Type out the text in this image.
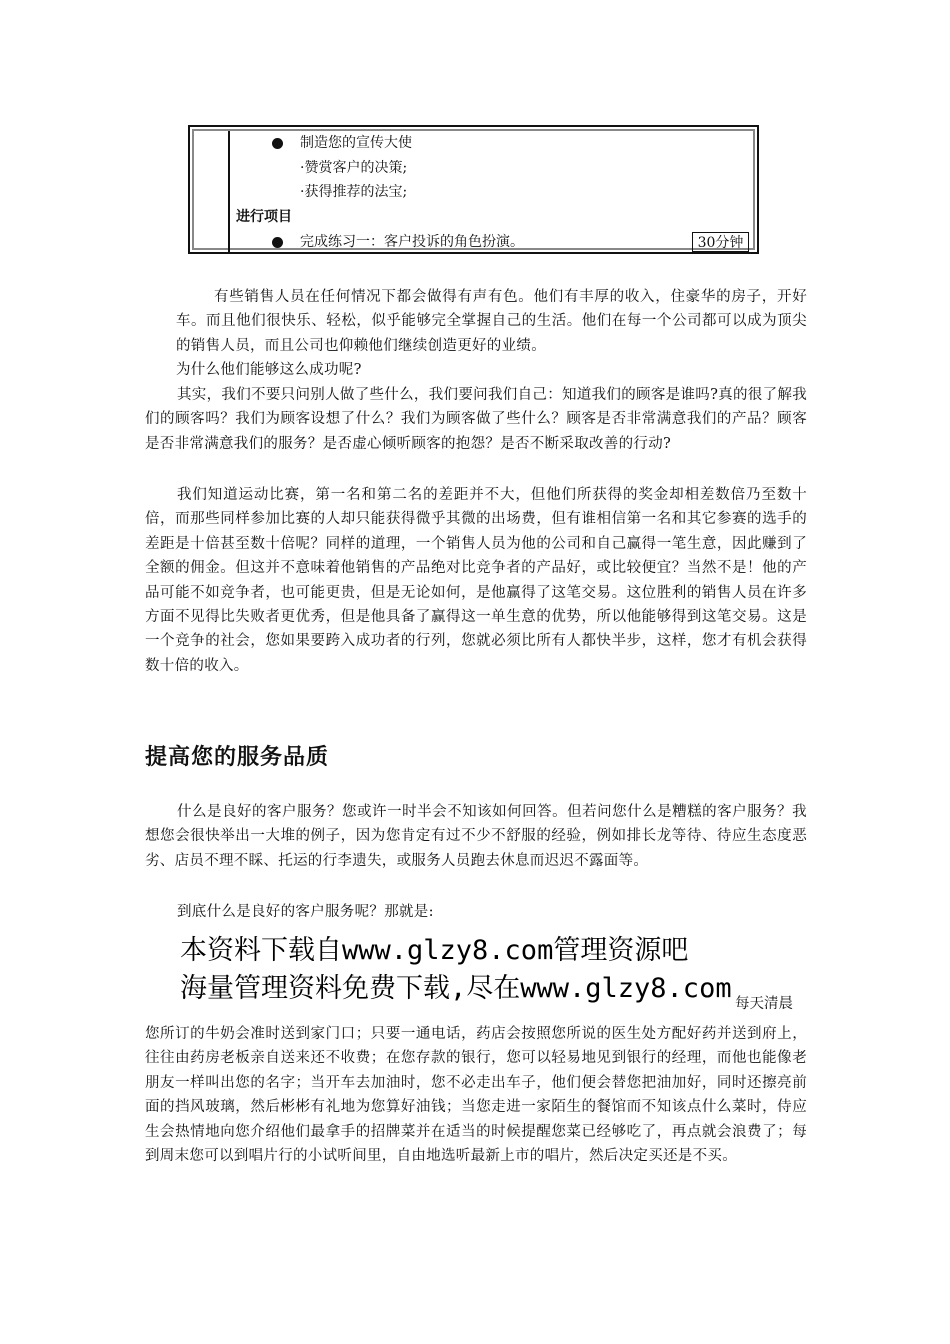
制造您的宣传大使
·赞赏客户的决策;
·获得推荐的法宝;
进行项目
完成练习一：客户投诉的角色扮演。	30分钟
有些销售人员在任何情况下都会做得有声有色。他们有丰厚的收入，住豪华的房子，开好车。而且他们很快乐、轻松，似乎能够完全掌握自己的生活。他们在每一个公司都可以成为顶尖的销售人员，而且公司也仰赖他们继续创造更好的业绩。
为什么他们能够这么成功呢?
其实，我们不要只问别人做了些什么，我们要问我们自己：知道我们的顾客是谁吗?真的很了解我们的顾客吗？我们为顾客设想了什么？我们为顾客做了些什么？顾客是否非常满意我们的产品？顾客是否非常满意我们的服务？是否虚心倾听顾客的抱怨？是否不断采取改善的行动?
我们知道运动比赛，第一名和第二名的差距并不大，但他们所获得的奖金却相差数倍乃至数十倍，而那些同样参加比赛的人却只能获得微乎其微的出场费，但有谁相信第一名和其它参赛的选手的差距是十倍甚至数十倍呢？同样的道理，一个销售人员为他的公司和自己赢得一笔生意，因此赚到了全额的佣金。但这并不意味着他销售的产品绝对比竞争者的产品好，或比较便宜？当然不是！他的产品可能不如竞争者，也可能更贵，但是无论如何，是他赢得了这笔交易。这位胜利的销售人员在许多方面不见得比失败者更优秀，但是他具备了赢得这一单生意的优势，所以他能够得到这笔交易。这是一个竞争的社会，您如果要跨入成功者的行列，您就必须比所有人都快半步，这样，您才有机会获得数十倍的收入。
提高您的服务品质
什么是良好的客户服务？您或许一时半会不知该如何回答。但若问您什么是糟糕的客户服务？我想您会很快举出一大堆的例子，因为您肯定有过不少不舒服的经验，例如排长龙等待、待应生态度恶劣、店员不理不睬、托运的行李遗失，或服务人员跑去休息而迟迟不露面等。
到底什么是良好的客户服务呢？那就是:
本资料下载自www.glzy8.com管理资源吧
海量管理资料免费下载,尽在www.glzy8.com 每天清晨
您所订的牛奶会准时送到家门口；只要一通电话，药店会按照您所说的医生处方配好药并送到府上，往往由药房老板亲自送来还不收费；在您存款的银行，您可以轻易地见到银行的经理，而他也能像老朋友一样叫出您的名字；当开车去加油时，您不必走出车子，他们便会替您把油加好，同时还擦亮前面的挡风玻璃，然后彬彬有礼地为您算好油钱；当您走进一家陌生的餐馆而不知该点什么菜时，侍应生会热情地向您介绍他们最拿手的招牌菜并在适当的时候提醒您菜已经够吃了，再点就会浪费了；每到周末您可以到唱片行的小试听间里，自由地选听最新上市的唱片，然后决定买还是不买。
